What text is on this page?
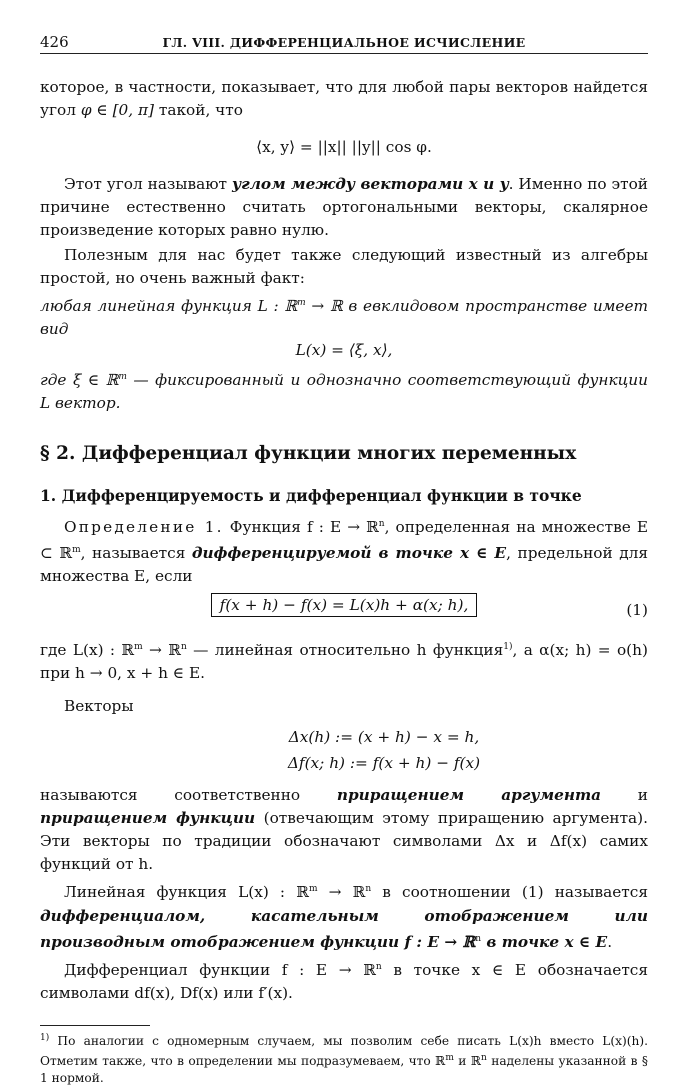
426	ГЛ. VIII. ДИФФЕРЕНЦИАЛЬНОЕ ИСЧИСЛЕНИЕ

которое, в частности, показывает, что для любой пары векторов найдется угол φ ∈ [0, π] такой, что

⟨x, y⟩ = ||x|| ||y|| cos φ.

Этот угол называют углом между векторами x и y. Именно по этой причине естественно считать ортогональными векторы, скалярное произведение которых равно нулю.

Полезным для нас будет также следующий известный из алгебры простой, но очень важный факт:

любая линейная функция L : ℝ$^m$ → ℝ в евклидовом пространстве имеет вид

L(x) = ⟨ξ, x⟩,

где ξ ∈ ℝ$^m$ — фиксированный и однозначно соответствующий функции L вектор.

§ 2. Дифференциал функции многих переменных

1. Дифференцируемость и дифференциал функции в точке

Определение 1. Функция f : E → ℝ$^n$, определенная на множестве E ⊂ ℝ$^m$, называется дифференцируемой в точке x ∈ E, предельной для множества E, если

f(x + h) − f(x) = L(x)h + α(x; h),	(1)

где L(x) : ℝ$^m$ → ℝ$^n$ — линейная относительно h функция$^{1)}$, а α(x; h) = o(h) при h → 0, x + h ∈ E.

Векторы

Δx(h) := (x + h) − x = h,

Δf(x; h) := f(x + h) − f(x)

называются соответственно приращением аргумента и приращением функции (отвечающим этому приращению аргумента). Эти векторы по традиции обозначают символами Δx и Δf(x) самих функций от h.

Линейная функция L(x) : ℝ$^m$ → ℝ$^n$ в соотношении (1) называется дифференциалом, касательным отображением или производным отображением функции f : E → ℝ$^n$ в точке x ∈ E.

Дифференциал функции f : E → ℝ$^n$ в точке x ∈ E обозначается символами df(x), Df(x) или f′(x).

$^{1)}$ По аналогии с одномерным случаем, мы позволим себе писать L(x)h вместо L(x)(h). Отметим также, что в определении мы подразумеваем, что ℝ$^m$ и ℝ$^n$ наделены указанной в § 1 нормой.
